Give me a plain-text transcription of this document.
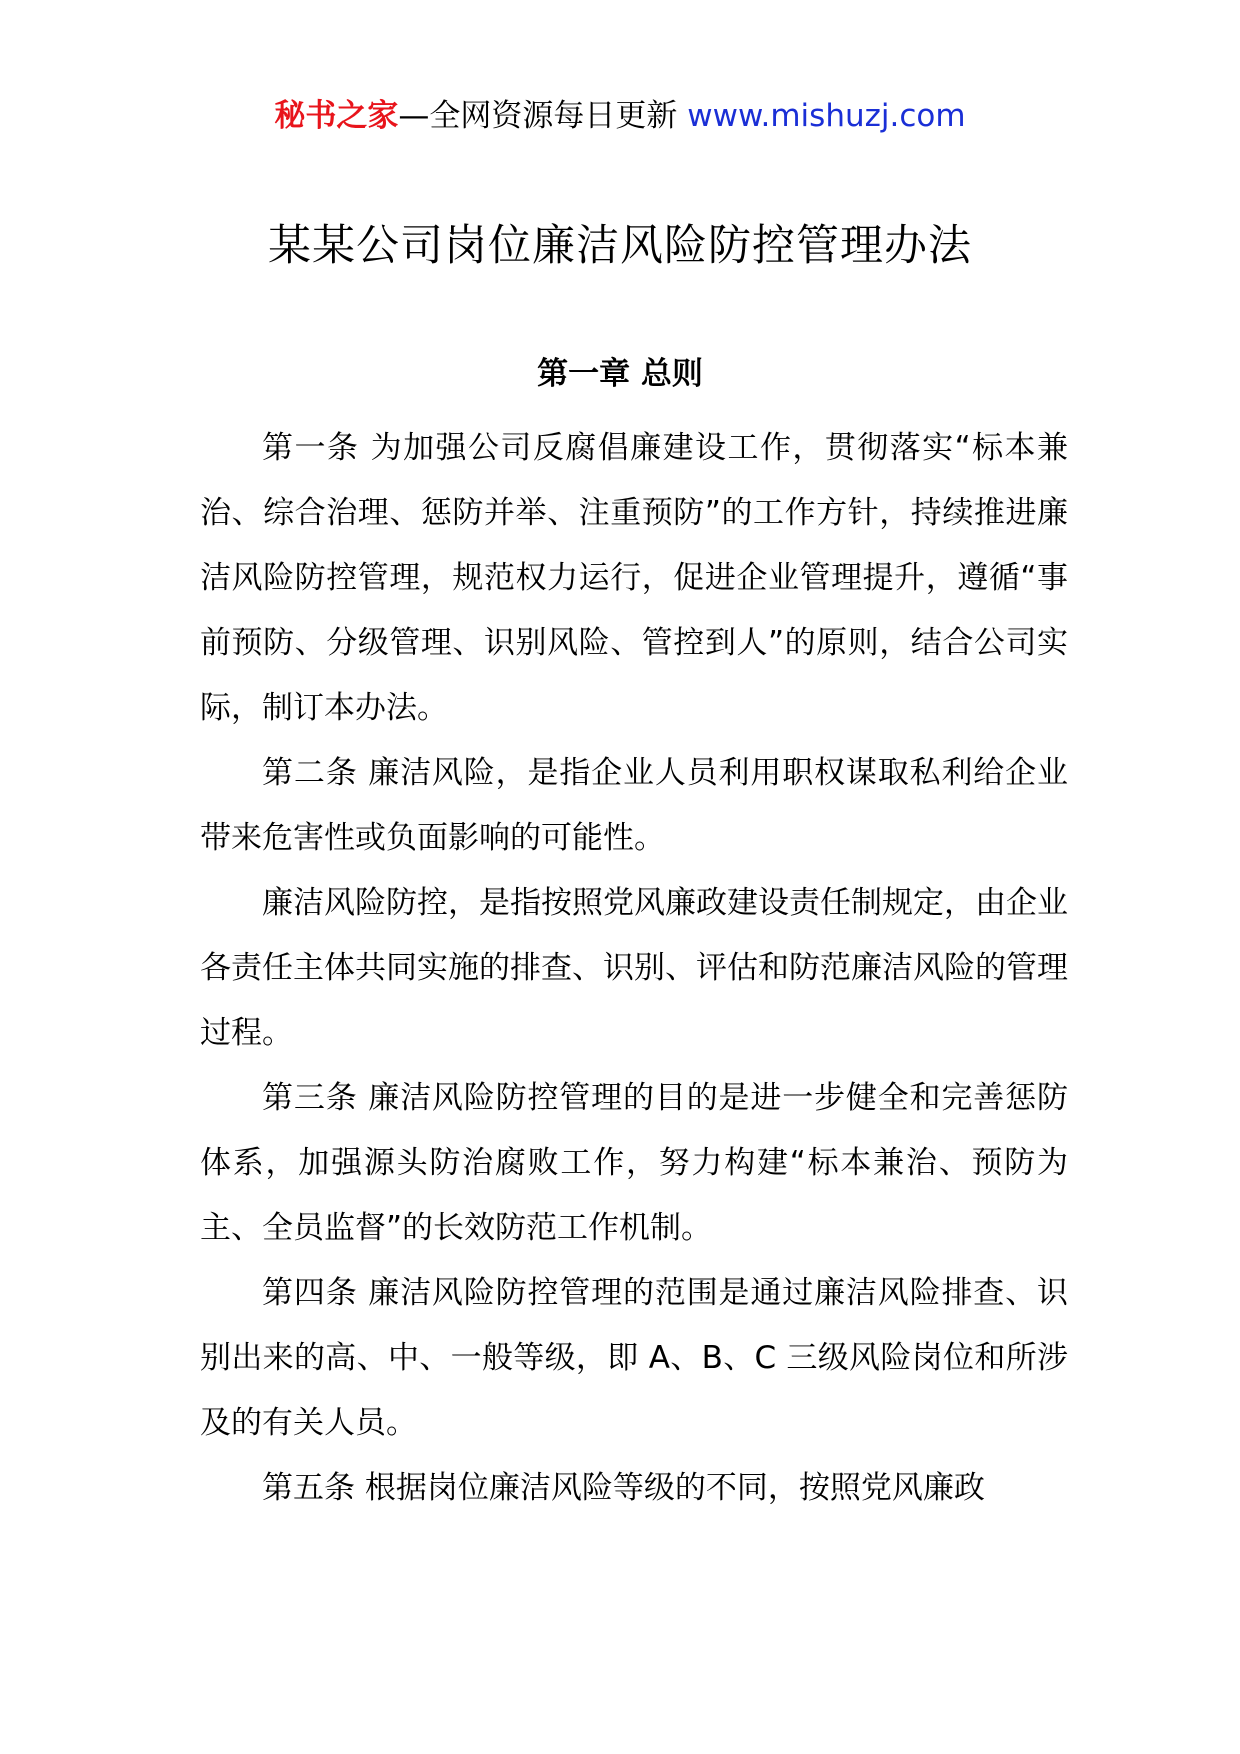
秘书之家—全网资源每日更新 www.mishuzj.com
某某公司岗位廉洁风险防控管理办法
第一章 总则

第一条 为加强公司反腐倡廉建设工作，贯彻落实“标本兼治、综合治理、惩防并举、注重预防”的工作方针，持续推进廉洁风险防控管理，规范权力运行，促进企业管理提升，遵循“事前预防、分级管理、识别风险、管控到人”的原则，结合公司实际，制订本办法。

第二条 廉洁风险，是指企业人员利用职权谋取私利给企业带来危害性或负面影响的可能性。

廉洁风险防控，是指按照党风廉政建设责任制规定，由企业各责任主体共同实施的排查、识别、评估和防范廉洁风险的管理过程。

第三条 廉洁风险防控管理的目的是进一步健全和完善惩防体系，加强源头防治腐败工作，努力构建“标本兼治、预防为主、全员监督”的长效防范工作机制。

第四条 廉洁风险防控管理的范围是通过廉洁风险排查、识别出来的高、中、一般等级，即 A、B、C 三级风险岗位和所涉及的有关人员。

第五条 根据岗位廉洁风险等级的不同，按照党风廉政
